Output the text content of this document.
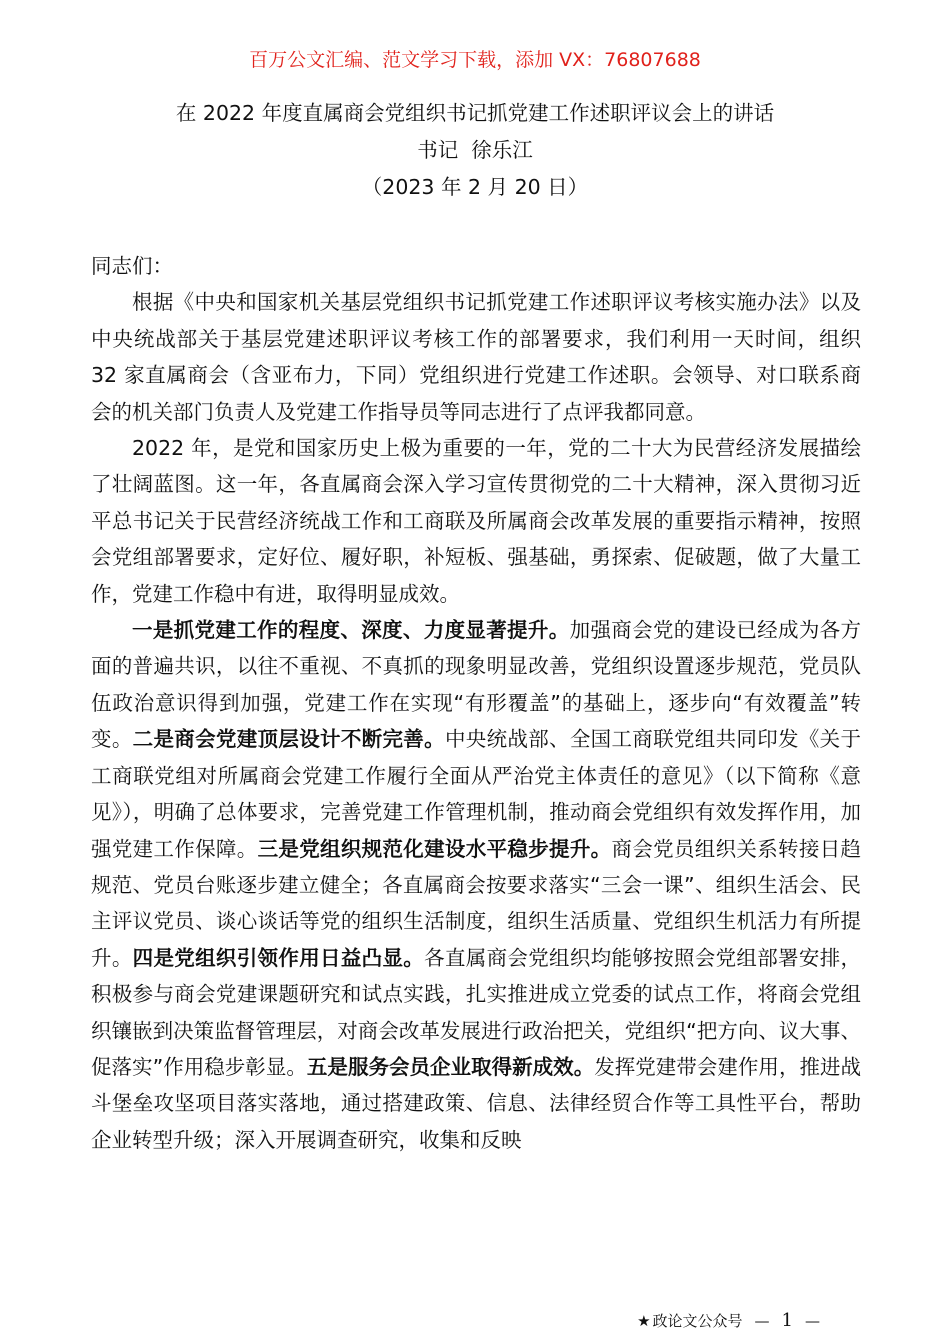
百万公文汇编、范文学习下载，添加 VX：76807688
在 2022 年度直属商会党组织书记抓党建工作述职评议会上的讲话
书记  徐乐江
（2023 年 2 月 20 日）

同志们：

根据《中央和国家机关基层党组织书记抓党建工作述职评议考核实施办法》以及中央统战部关于基层党建述职评议考核工作的部署要求，我们利用一天时间，组织 32 家直属商会（含亚布力，下同）党组织进行党建工作述职。会领导、对口联系商会的机关部门负责人及党建工作指导员等同志进行了点评我都同意。

2022 年，是党和国家历史上极为重要的一年，党的二十大为民营经济发展描绘了壮阔蓝图。这一年，各直属商会深入学习宣传贯彻党的二十大精神，深入贯彻习近平总书记关于民营经济统战工作和工商联及所属商会改革发展的重要指示精神，按照会党组部署要求，定好位、履好职，补短板、强基础，勇探索、促破题，做了大量工作，党建工作稳中有进，取得明显成效。

一是抓党建工作的程度、深度、力度显著提升。加强商会党的建设已经成为各方面的普遍共识，以往不重视、不真抓的现象明显改善，党组织设置逐步规范，党员队伍政治意识得到加强，党建工作在实现“有形覆盖”的基础上，逐步向“有效覆盖”转变。二是商会党建顶层设计不断完善。中央统战部、全国工商联党组共同印发《关于工商联党组对所属商会党建工作履行全面从严治党主体责任的意见》（以下简称《意见》），明确了总体要求，完善党建工作管理机制，推动商会党组织有效发挥作用，加强党建工作保障。三是党组织规范化建设水平稳步提升。商会党员组织关系转接日趋规范、党员台账逐步建立健全；各直属商会按要求落实“三会一课”、组织生活会、民主评议党员、谈心谈话等党的组织生活制度，组织生活质量、党组织生机活力有所提升。四是党组织引领作用日益凸显。各直属商会党组织均能够按照会党组部署安排，积极参与商会党建课题研究和试点实践，扎实推进成立党委的试点工作，将商会党组织镶嵌到决策监督管理层，对商会改革发展进行政治把关，党组织“把方向、议大事、促落实”作用稳步彰显。五是服务会员企业取得新成效。发挥党建带会建作用，推进战斗堡垒攻坚项目落实落地，通过搭建政策、信息、法律经贸合作等工具性平台，帮助企业转型升级；深入开展调查研究，收集和反映

★ 政论文公众号 — 1 —
